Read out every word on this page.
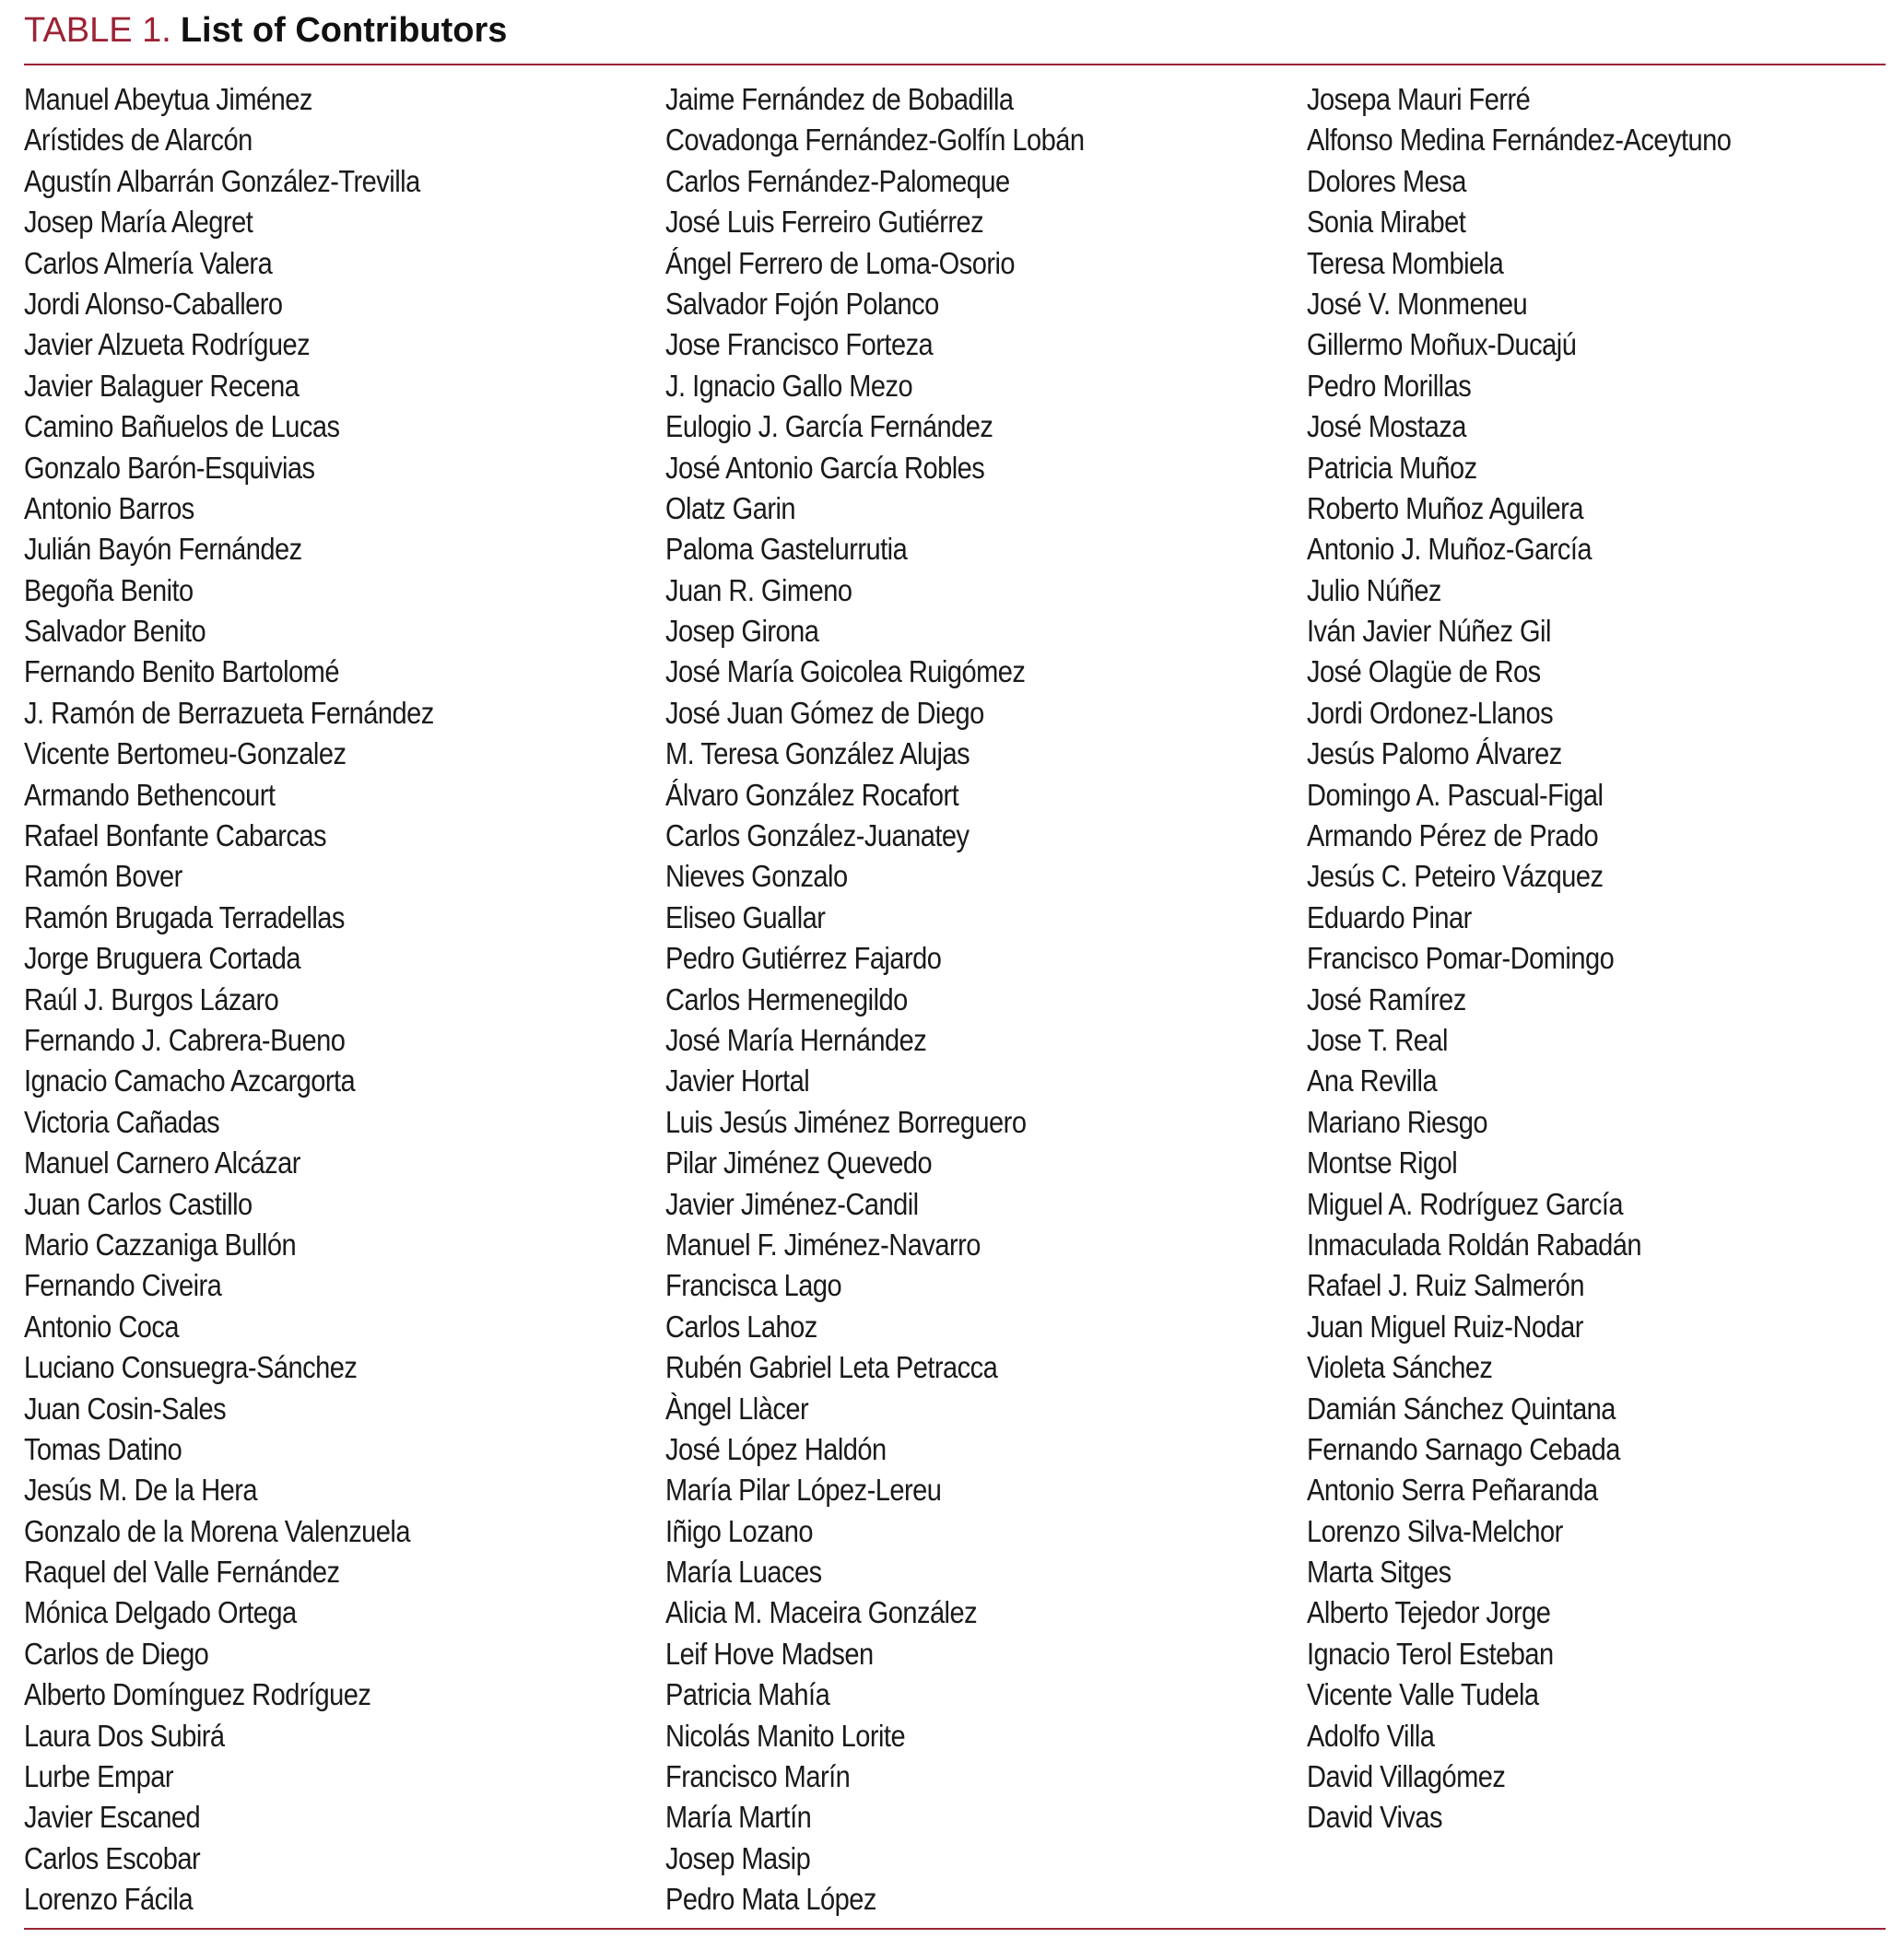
TABLE 1. List of Contributors
Manuel Abeytua Jiménez
Arístides de Alarcón
Agustín Albarrán González-Trevilla
Josep María Alegret
Carlos Almería Valera
Jordi Alonso-Caballero
Javier Alzueta Rodríguez
Javier Balaguer Recena
Camino Bañuelos de Lucas
Gonzalo Barón-Esquivias
Antonio Barros
Julián Bayón Fernández
Begoña Benito
Salvador Benito
Fernando Benito Bartolomé
J. Ramón de Berrazueta Fernández
Vicente Bertomeu-Gonzalez
Armando Bethencourt
Rafael Bonfante Cabarcas
Ramón Bover
Ramón Brugada Terradellas
Jorge Bruguera Cortada
Raúl J. Burgos Lázaro
Fernando J. Cabrera-Bueno
Ignacio Camacho Azcargorta
Victoria Cañadas
Manuel Carnero Alcázar
Juan Carlos Castillo
Mario Cazzaniga Bullón
Fernando Civeira
Antonio Coca
Luciano Consuegra-Sánchez
Juan Cosin-Sales
Tomas Datino
Jesús M. De la Hera
Gonzalo de la Morena Valenzuela
Raquel del Valle Fernández
Mónica Delgado Ortega
Carlos de Diego
Alberto Domínguez Rodríguez
Laura Dos Subirá
Lurbe Empar
Javier Escaned
Carlos Escobar
Lorenzo Fácila
Jaime Fernández de Bobadilla
Covadonga Fernández-Golfín Lobán
Carlos Fernández-Palomeque
José Luis Ferreiro Gutiérrez
Ángel Ferrero de Loma-Osorio
Salvador Fojón Polanco
Jose Francisco Forteza
J. Ignacio Gallo Mezo
Eulogio J. García Fernández
José Antonio García Robles
Olatz Garin
Paloma Gastelurrutia
Juan R. Gimeno
Josep Girona
José María Goicolea Ruigómez
José Juan Gómez de Diego
M. Teresa González Alujas
Álvaro González Rocafort
Carlos González-Juanatey
Nieves Gonzalo
Eliseo Guallar
Pedro Gutiérrez Fajardo
Carlos Hermenegildo
José María Hernández
Javier Hortal
Luis Jesús Jiménez Borreguero
Pilar Jiménez Quevedo
Javier Jiménez-Candil
Manuel F. Jiménez-Navarro
Francisca Lago
Carlos Lahoz
Rubén Gabriel Leta Petracca
Àngel Llàcer
José López Haldón
María Pilar López-Lereu
Iñigo Lozano
María Luaces
Alicia M. Maceira González
Leif Hove Madsen
Patricia Mahía
Nicolás Manito Lorite
Francisco Marín
María Martín
Josep Masip
Pedro Mata López
Josepa Mauri Ferré
Alfonso Medina Fernández-Aceytuno
Dolores Mesa
Sonia Mirabet
Teresa Mombiela
José V. Monmeneu
Gillermo Moñux-Ducajú
Pedro Morillas
José Mostaza
Patricia Muñoz
Roberto Muñoz Aguilera
Antonio J. Muñoz-García
Julio Núñez
Iván Javier Núñez Gil
José Olagüe de Ros
Jordi Ordonez-Llanos
Jesús Palomo Álvarez
Domingo A. Pascual-Figal
Armando Pérez de Prado
Jesús C. Peteiro Vázquez
Eduardo Pinar
Francisco Pomar-Domingo
José Ramírez
Jose T. Real
Ana Revilla
Mariano Riesgo
Montse Rigol
Miguel A. Rodríguez García
Inmaculada Roldán Rabadán
Rafael J. Ruiz Salmerón
Juan Miguel Ruiz-Nodar
Violeta Sánchez
Damián Sánchez Quintana
Fernando Sarnago Cebada
Antonio Serra Peñaranda
Lorenzo Silva-Melchor
Marta Sitges
Alberto Tejedor Jorge
Ignacio Terol Esteban
Vicente Valle Tudela
Adolfo Villa
David Villagómez
David Vivas
